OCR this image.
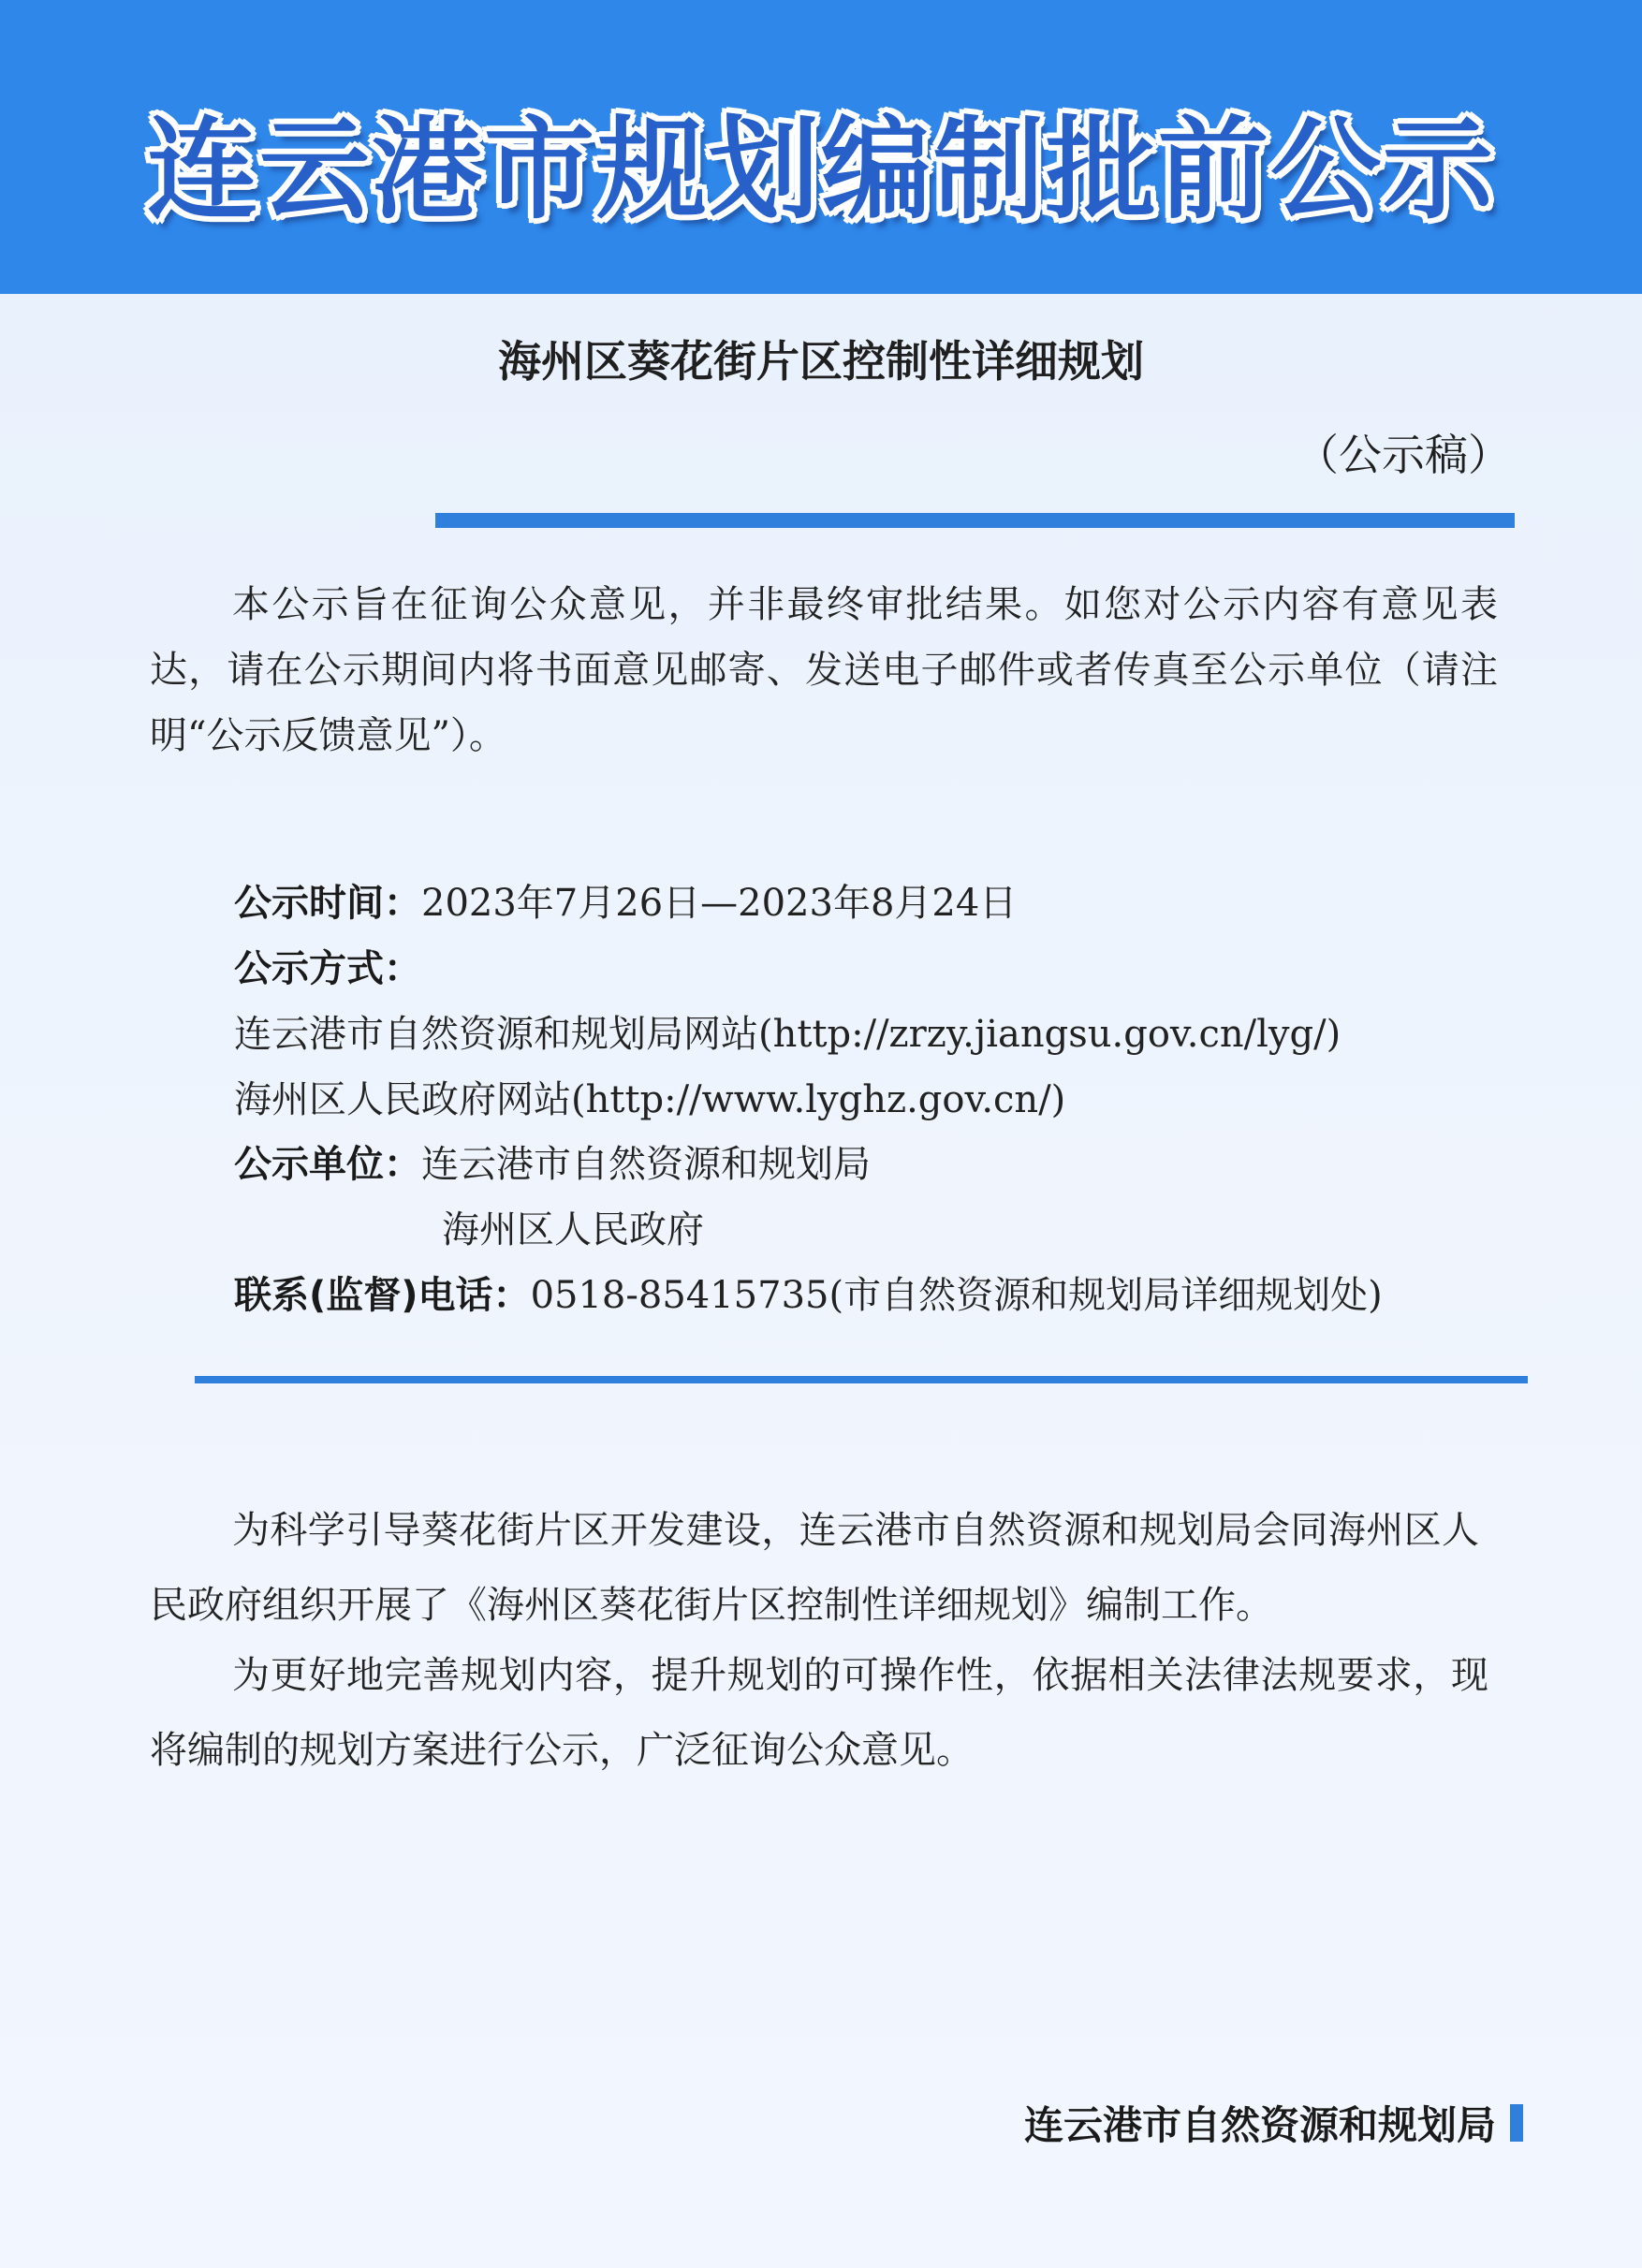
连云港市规划编制批前公示
海州区葵花街片区控制性详细规划
（公示稿）
本公示旨在征询公众意见，并非最终审批结果。如您对公示内容有意见表达，请在公示期间内将书面意见邮寄、发送电子邮件或者传真至公示单位（请注明“公示反馈意见”）。
公示时间：2023年7月26日—2023年8月24日
公示方式：
连云港市自然资源和规划局网站(http://zrzy.jiangsu.gov.cn/lyg/)
海州区人民政府网站(http://www.lyghz.gov.cn/)
公示单位：连云港市自然资源和规划局
海州区人民政府
联系(监督)电话：0518-85415735(市自然资源和规划局详细规划处)
为科学引导葵花街片区开发建设，连云港市自然资源和规划局会同海州区人民政府组织开展了《海州区葵花街片区控制性详细规划》编制工作。
为更好地完善规划内容，提升规划的可操作性，依据相关法律法规要求，现将编制的规划方案进行公示，广泛征询公众意见。
连云港市自然资源和规划局
